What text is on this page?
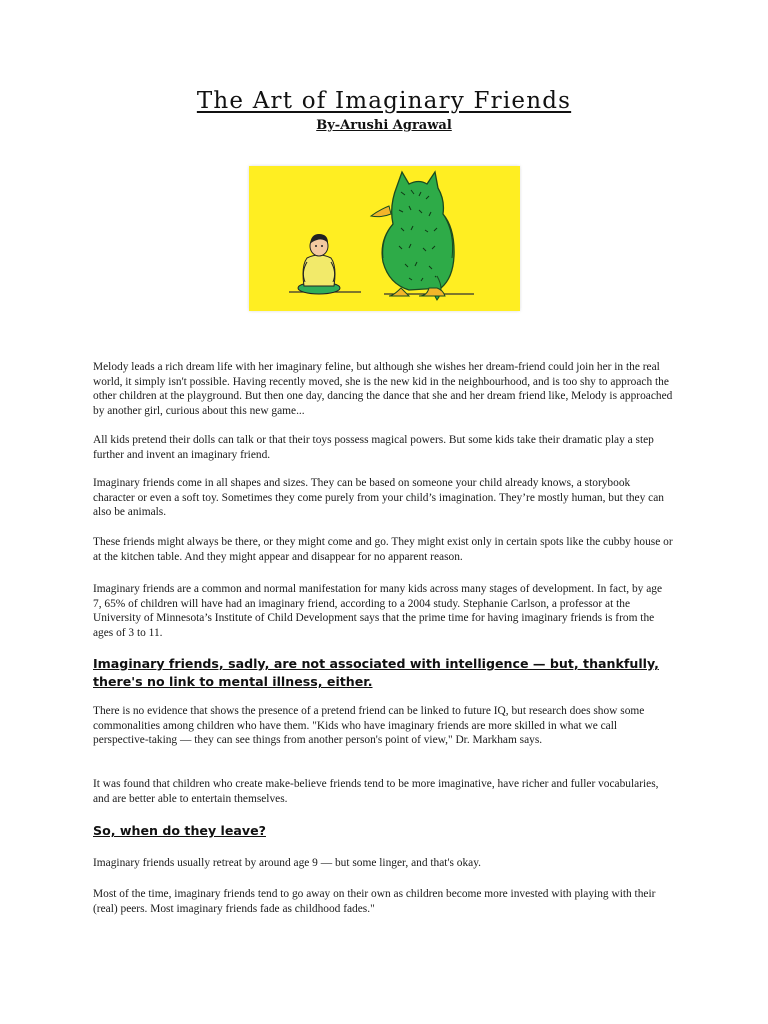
The Art of Imaginary Friends
By-Arushi Agrawal

Melody leads a rich dream life with her imaginary feline, but although she wishes her dream-friend could join her in the real world, it simply isn't possible. Having recently moved, she is the new kid in the neighbourhood, and is too shy to approach the other children at the playground. But then one day, dancing the dance that she and her dream friend like, Melody is approached by another girl, curious about this new game...

All kids pretend their dolls can talk or that their toys possess magical powers. But some kids take their dramatic play a step further and invent an imaginary friend.

Imaginary friends come in all shapes and sizes. They can be based on someone your child already knows, a storybook character or even a soft toy. Sometimes they come purely from your child’s imagination. They’re mostly human, but they can also be animals.

These friends might always be there, or they might come and go. They might exist only in certain spots like the cubby house or at the kitchen table. And they might appear and disappear for no apparent reason.

Imaginary friends are a common and normal manifestation for many kids across many stages of development. In fact, by age 7, 65% of children will have had an imaginary friend, according to a 2004 study. Stephanie Carlson, a professor at the University of Minnesota’s Institute of Child Development says that the prime time for having imaginary friends is from the ages of 3 to 11.

Imaginary friends, sadly, are not associated with intelligence — but, thankfully, there's no link to mental illness, either.

There is no evidence that shows the presence of a pretend friend can be linked to future IQ, but research does show some commonalities among children who have them. "Kids who have imaginary friends are more skilled in what we call perspective-taking — they can see things from another person's point of view," Dr. Markham says.

It was found that children who create make-believe friends tend to be more imaginative, have richer and fuller vocabularies, and are better able to entertain themselves.

So, when do they leave?

Imaginary friends usually retreat by around age 9 — but some linger, and that's okay.

Most of the time, imaginary friends tend to go away on their own as children become more invested with playing with their (real) peers. Most imaginary friends fade as childhood fades."
